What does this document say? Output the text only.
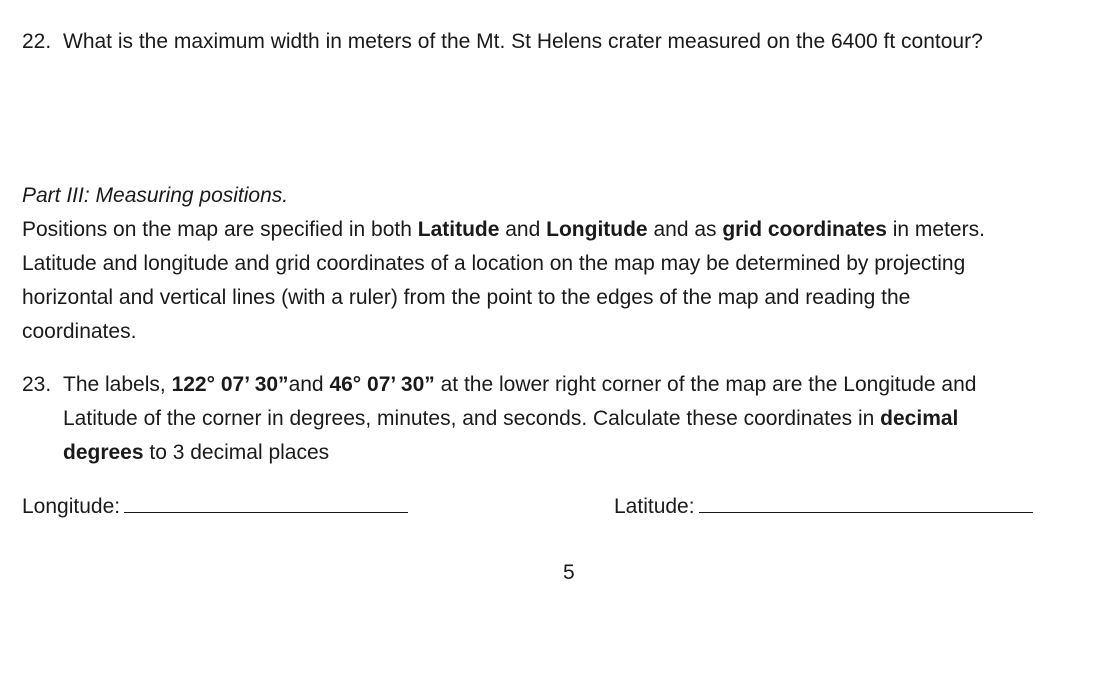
22. What is the maximum width in meters of the Mt. St Helens crater measured on the 6400 ft contour?
Part III: Measuring positions.
Positions on the map are specified in both Latitude and Longitude and as grid coordinates in meters.
Latitude and longitude and grid coordinates of a location on the map may be determined by projecting
horizontal and vertical lines (with a ruler) from the point to the edges of the map and reading the
coordinates.
23. The labels, 122° 07’ 30”and 46° 07’ 30” at the lower right corner of the map are the Longitude and
Latitude of the corner in degrees, minutes, and seconds. Calculate these coordinates in decimal
degrees to 3 decimal places
Longitude:	Latitude:
5
